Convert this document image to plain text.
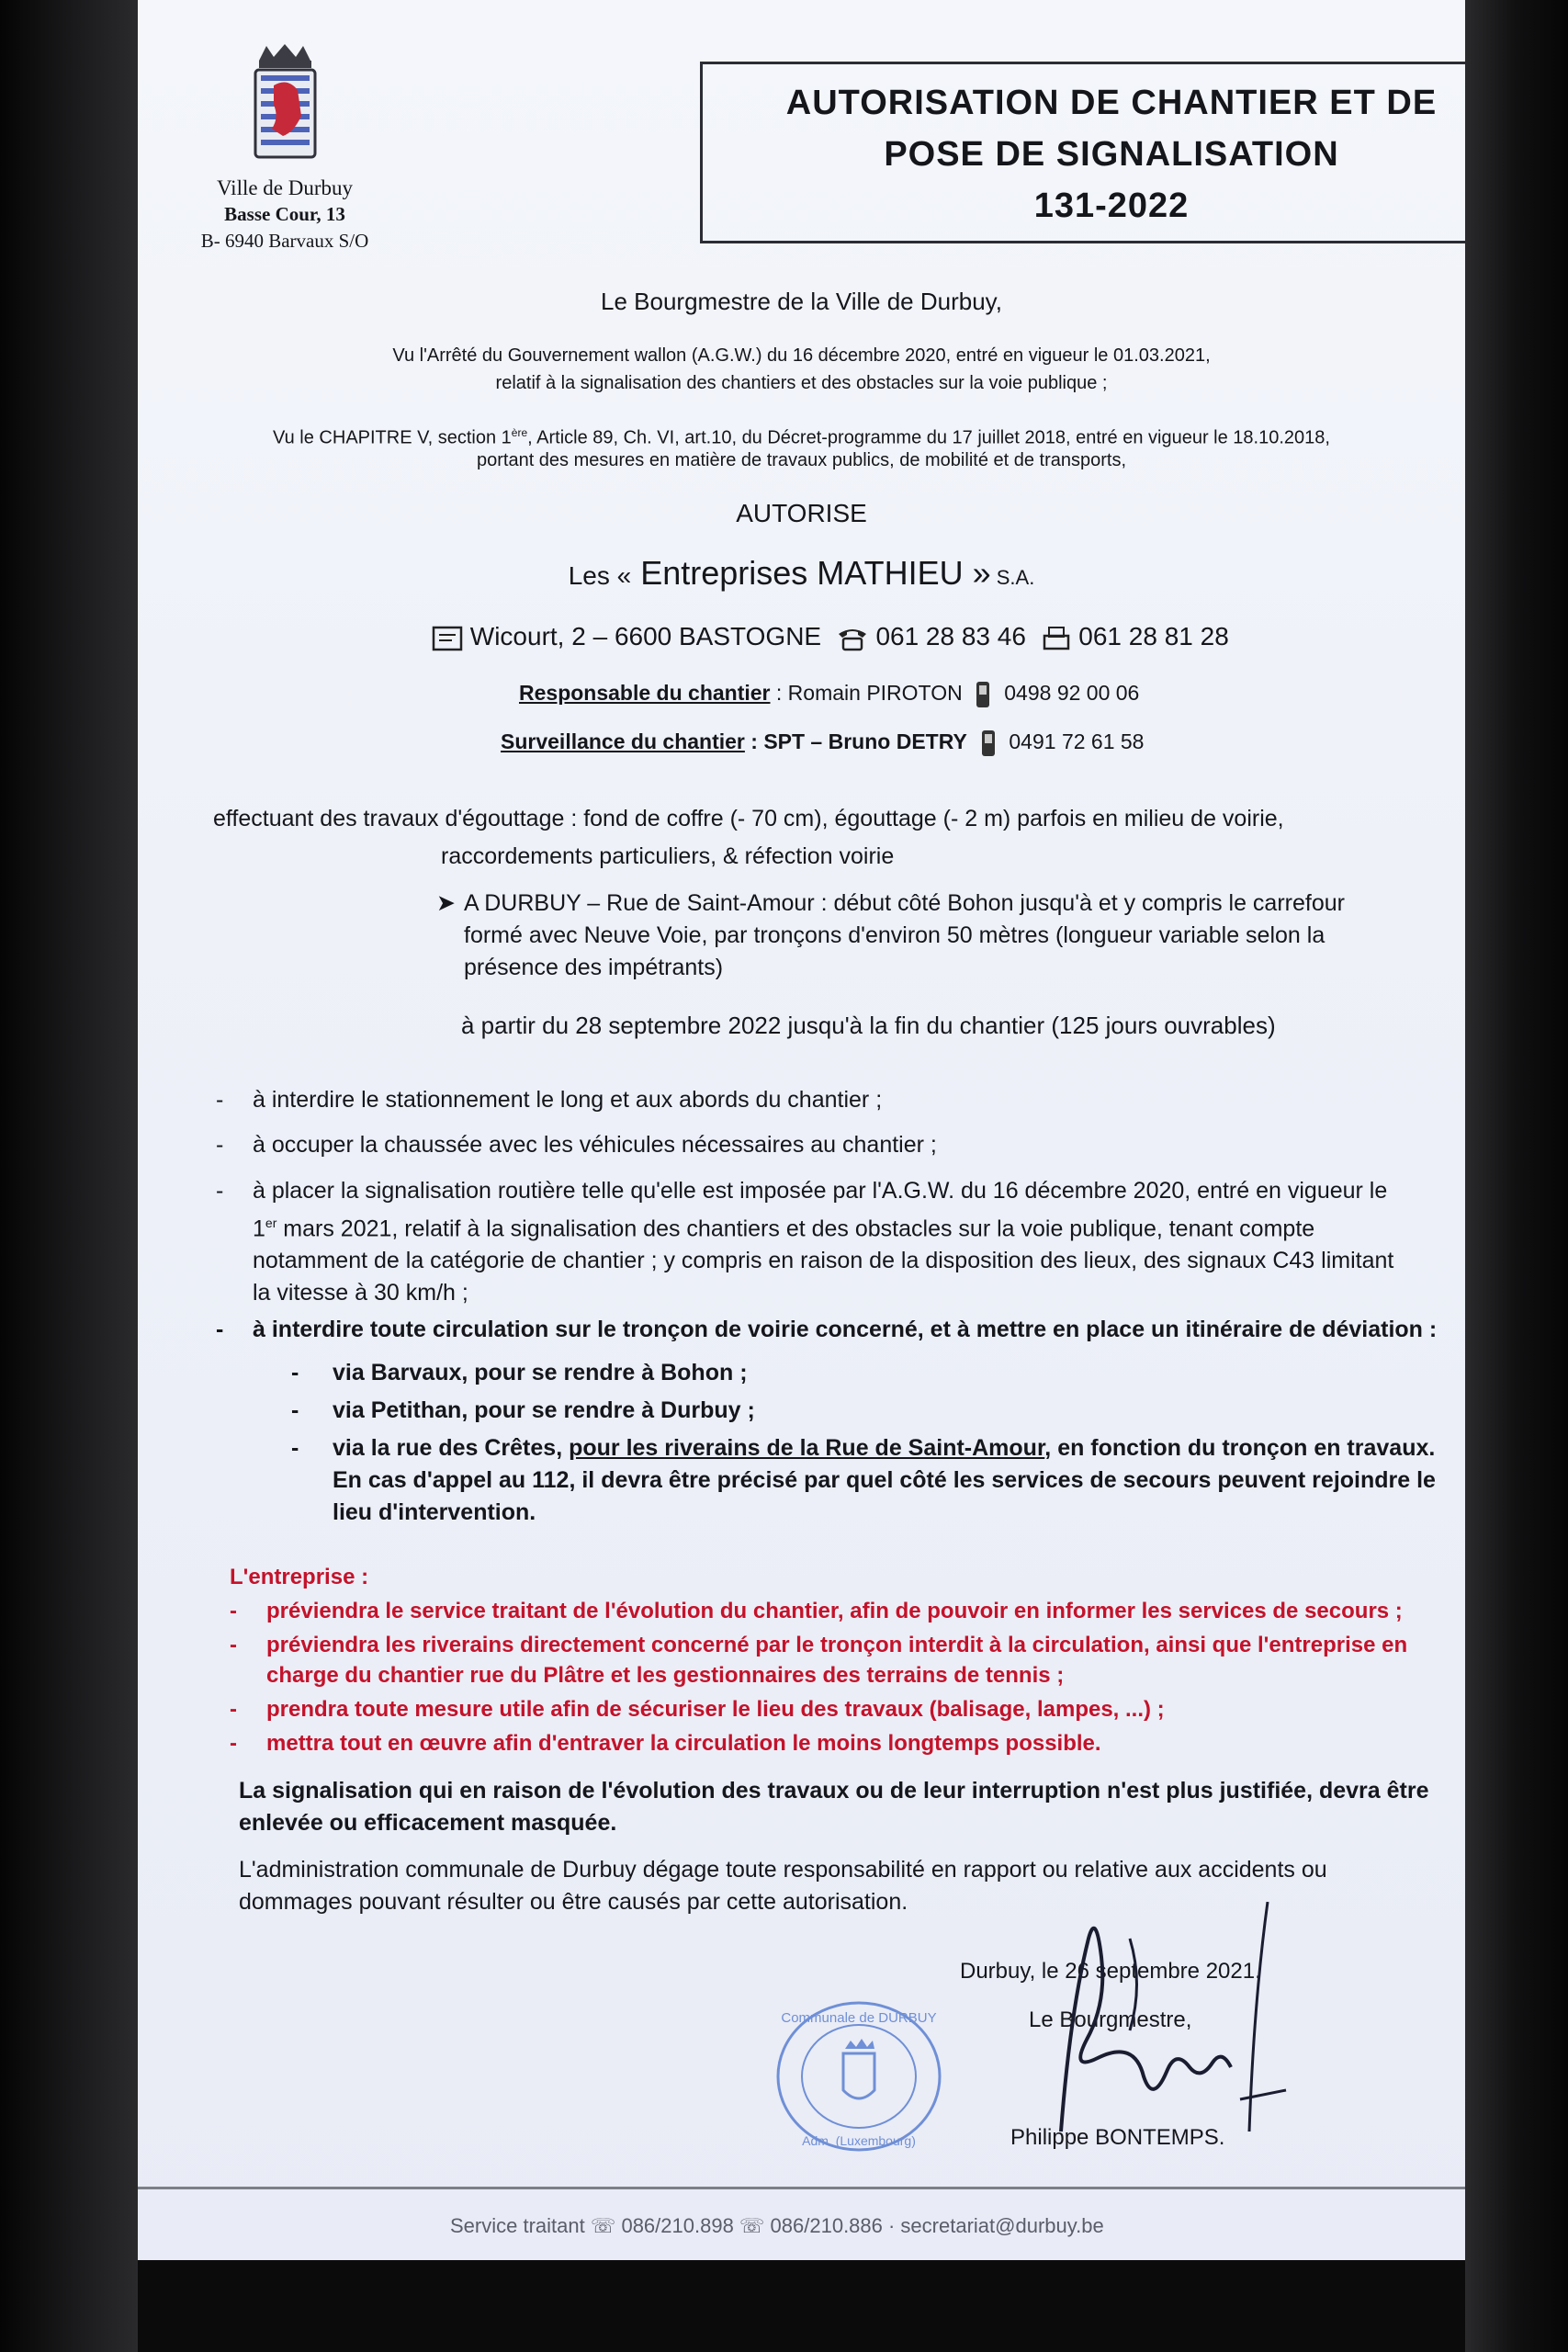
Ville de Durbuy
Basse Cour, 13
B- 6940 Barvaux S/O
AUTORISATION DE CHANTIER ET DE
POSE DE SIGNALISATION
131-2022
Le Bourgmestre de la Ville de Durbuy,
Vu l'Arrêté du Gouvernement wallon (A.G.W.) du 16 décembre 2020, entré en vigueur le 01.03.2021,
relatif à la signalisation des chantiers et des obstacles sur la voie publique ;
Vu le CHAPITRE V, section 1ère, Article 89, Ch. VI, art.10, du Décret-programme du 17 juillet 2018, entré en vigueur le 18.10.2018,
portant des mesures en matière de travaux publics, de mobilité et de transports,
AUTORISE
Les « Entreprises MATHIEU » S.A.
Wicourt, 2 – 6600 BASTOGNE 061 28 83 46 061 28 81 28
Responsable du chantier : Romain PIROTON 0498 92 00 06
Surveillance du chantier : SPT – Bruno DETRY 0491 72 61 58
effectuant des travaux d'égouttage : fond de coffre (- 70 cm), égouttage (- 2 m) parfois en milieu de voirie,
raccordements particuliers, & réfection voirie
➤ A DURBUY – Rue de Saint-Amour : début côté Bohon jusqu'à et y compris le carrefour
formé avec Neuve Voie, par tronçons d'environ 50 mètres (longueur variable selon la
présence des impétrants)
à partir du 28 septembre 2022 jusqu'à la fin du chantier (125 jours ouvrables)
- à interdire le stationnement le long et aux abords du chantier ;
- à occuper la chaussée avec les véhicules nécessaires au chantier ;
- à placer la signalisation routière telle qu'elle est imposée par l'A.G.W. du 16 décembre 2020, entré en vigueur le
1er mars 2021, relatif à la signalisation des chantiers et des obstacles sur la voie publique, tenant compte
notamment de la catégorie de chantier ; y compris en raison de la disposition des lieux, des signaux C43 limitant
la vitesse à 30 km/h ;
- à interdire toute circulation sur le tronçon de voirie concerné, et à mettre en place un itinéraire de déviation :
- via Barvaux, pour se rendre à Bohon ;
- via Petithan, pour se rendre à Durbuy ;
- via la rue des Crêtes, pour les riverains de la Rue de Saint-Amour, en fonction du tronçon en travaux.
En cas d'appel au 112, il devra être précisé par quel côté les services de secours peuvent rejoindre le
lieu d'intervention.
L'entreprise :
- préviendra le service traitant de l'évolution du chantier, afin de pouvoir en informer les services de secours ;
- préviendra les riverains directement concerné par le tronçon interdit à la circulation, ainsi que l'entreprise en
charge du chantier rue du Plâtre et les gestionnaires des terrains de tennis ;
- prendra toute mesure utile afin de sécuriser le lieu des travaux (balisage, lampes, ...) ;
- mettra tout en œuvre afin d'entraver la circulation le moins longtemps possible.
La signalisation qui en raison de l'évolution des travaux ou de leur interruption n'est plus justifiée, devra être
enlevée ou efficacement masquée.
L'administration communale de Durbuy dégage toute responsabilité en rapport ou relative aux accidents ou
dommages pouvant résulter ou être causés par cette autorisation.
Communale de DURBUY
Adm. (Luxembourg)
Durbuy, le 26 septembre 2021.
Le Bourgmestre,
Philippe BONTEMPS.
Service traitant ☏ 086/210.898 ☏ 086/210.886 · secretariat@durbuy.be
